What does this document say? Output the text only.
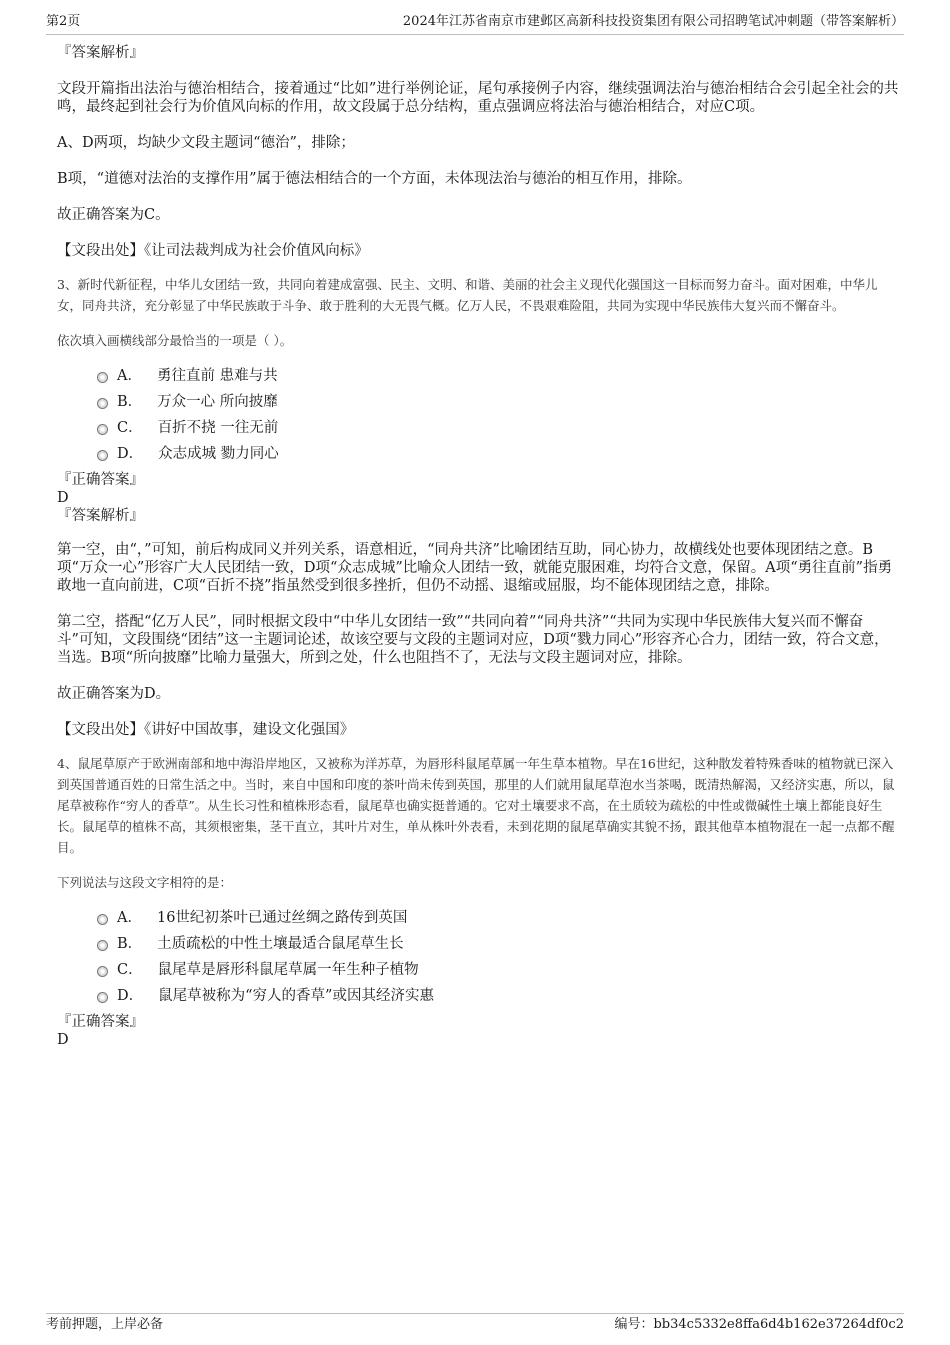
第2页	2024年江苏省南京市建邺区高新科技投资集团有限公司招聘笔试冲刺题（带答案解析）

『答案解析』

文段开篇指出法治与德治相结合，接着通过“比如”进行举例论证，尾句承接例子内容，继续强调法治与德治相结合会引起全社会的共鸣，最终起到社会行为价值风向标的作用，故文段属于总分结构，重点强调应将法治与德治相结合，对应C项。

A、D两项，均缺少文段主题词“德治”，排除；

B项，“道德对法治的支撑作用”属于德法相结合的一个方面，未体现法治与德治的相互作用，排除。

故正确答案为C。

【文段出处】《让司法裁判成为社会价值风向标》

3、新时代新征程，中华儿女团结一致，共同向着建成富强、民主、文明、和谐、美丽的社会主义现代化强国这一目标而努力奋斗。面对困难，中华儿女，同舟共济，充分彰显了中华民族敢于斗争、敢于胜利的大无畏气概。亿万人民，不畏艰难险阻，共同为实现中华民族伟大复兴而不懈奋斗。

依次填入画横线部分最恰当的一项是（ ）。

A． 勇往直前 患难与共
B． 万众一心 所向披靡
C． 百折不挠 一往无前
D． 众志成城 勠力同心

『正确答案』

D

『答案解析』

第一空，由“，”可知，前后构成同义并列关系，语意相近，“同舟共济”比喻团结互助，同心协力，故横线处也要体现团结之意。B项“万众一心”形容广大人民团结一致，D项“众志成城”比喻众人团结一致，就能克服困难，均符合文意，保留。A项“勇往直前”指勇敢地一直向前进，C项“百折不挠”指虽然受到很多挫折，但仍不动摇、退缩或屈服，均不能体现团结之意，排除。

第二空，搭配“亿万人民”，同时根据文段中“中华儿女团结一致”“共同向着”“同舟共济”“共同为实现中华民族伟大复兴而不懈奋斗”可知，文段围绕“团结”这一主题词论述，故该空要与文段的主题词对应，D项“戮力同心”形容齐心合力，团结一致，符合文意，当选。B项“所向披靡”比喻力量强大，所到之处，什么也阻挡不了，无法与文段主题词对应，排除。

故正确答案为D。

【文段出处】《讲好中国故事，建设文化强国》

4、鼠尾草原产于欧洲南部和地中海沿岸地区，又被称为洋苏草，为唇形科鼠尾草属一年生草本植物。早在16世纪，这种散发着特殊香味的植物就已深入到英国普通百姓的日常生活之中。当时，来自中国和印度的茶叶尚未传到英国，那里的人们就用鼠尾草泡水当茶喝，既清热解渴，又经济实惠，所以，鼠尾草被称作“穷人的香草”。从生长习性和植株形态看，鼠尾草也确实挺普通的。它对土壤要求不高，在土质较为疏松的中性或微碱性土壤上都能良好生长。鼠尾草的植株不高，其须根密集，茎干直立，其叶片对生，单从株叶外表看，未到花期的鼠尾草确实其貌不扬，跟其他草本植物混在一起一点都不醒目。

下列说法与这段文字相符的是：

A． 16世纪初茶叶已通过丝绸之路传到英国
B． 土质疏松的中性土壤最适合鼠尾草生长
C． 鼠尾草是唇形科鼠尾草属一年生种子植物
D． 鼠尾草被称为“穷人的香草”或因其经济实惠

『正确答案』

D

考前押题，上岸必备	编号：bb34c5332e8ffa6d4b162e37264df0c2
